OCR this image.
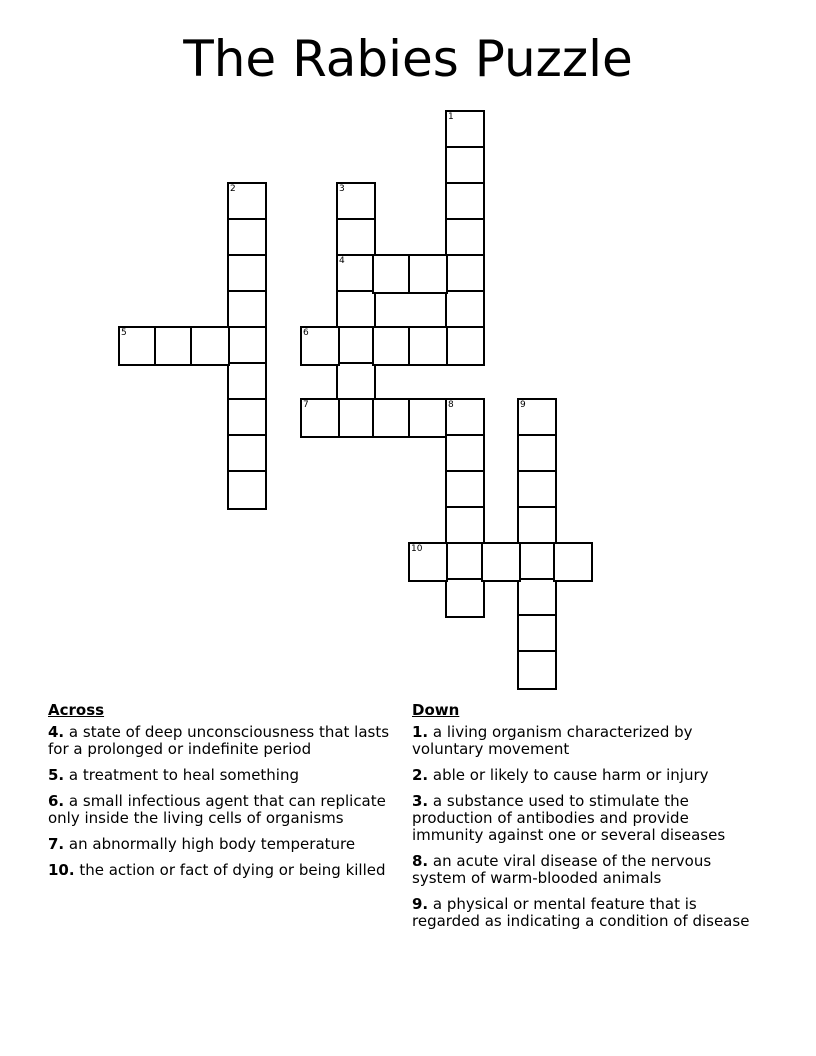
The Rabies Puzzle
1
2	3
4
5	6
7	8	9
10
Across
4. a state of deep unconsciousness that lasts for a prolonged or indefinite period
5. a treatment to heal something
6. a small infectious agent that can replicate only inside the living cells of organisms
7. an abnormally high body temperature
10. the action or fact of dying or being killed
Down
1. a living organism characterized by voluntary movement
2. able or likely to cause harm or injury
3. a substance used to stimulate the production of antibodies and provide immunity against one or several diseases
8. an acute viral disease of the nervous system of warm-blooded animals
9. a physical or mental feature that is regarded as indicating a condition of disease
